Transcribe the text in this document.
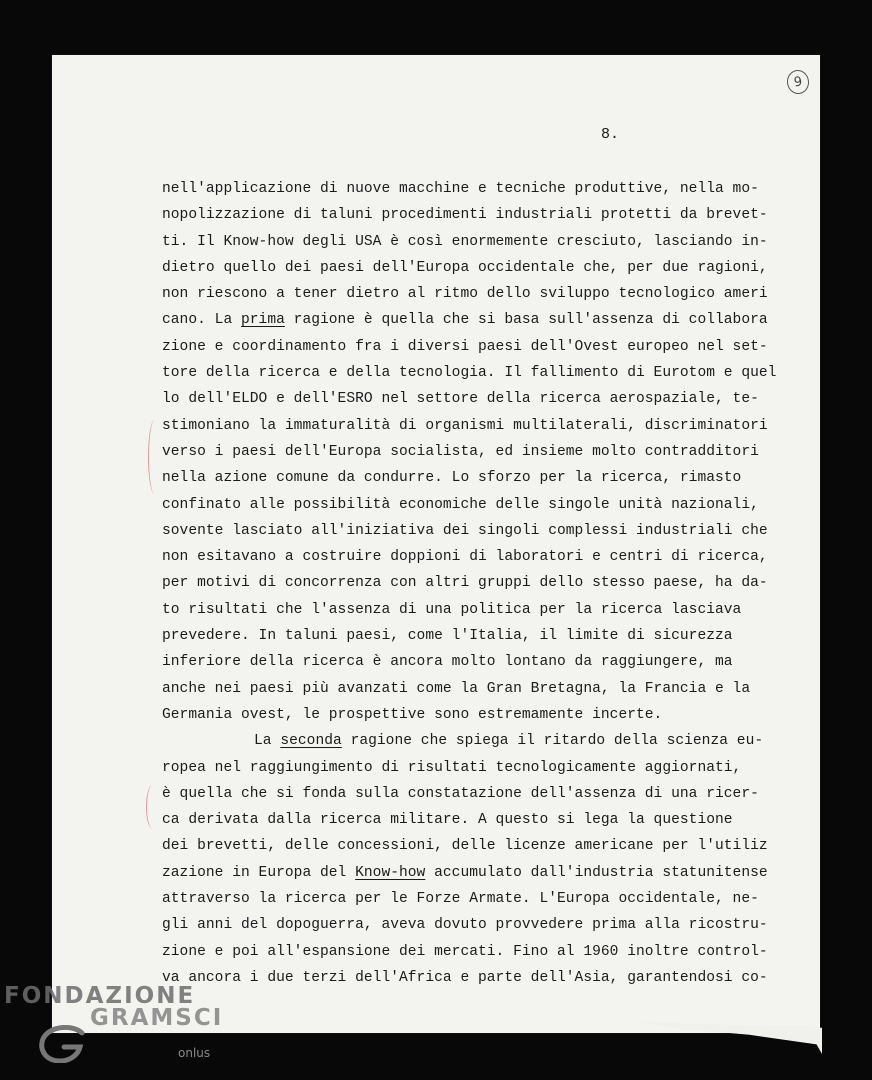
9
8.
nell'applicazione di nuove macchine e tecniche produttive, nella mo-
nopolizzazione di taluni procedimenti industriali protetti da brevet-
ti. Il Know-how degli USA è così enormemente cresciuto, lasciando in-
dietro quello dei paesi dell'Europa occidentale che, per due ragioni,
non riescono a tener dietro al ritmo dello sviluppo tecnologico ameri
cano. La prima ragione è quella che si basa sull'assenza di collabora
zione e coordinamento fra i diversi paesi dell'Ovest europeo nel set-
tore della ricerca e della tecnologia. Il fallimento di Eurotom e quel
lo dell'ELDO e dell'ESRO nel settore della ricerca aerospaziale, te-
stimoniano la immaturalità di organismi multilaterali, discriminatori
verso i paesi dell'Europa socialista, ed insieme molto contradditori
nella azione comune da condurre. Lo sforzo per la ricerca, rimasto
confinato alle possibilità economiche delle singole unità nazionali,
sovente lasciato all'iniziativa dei singoli complessi industriali che
non esitavano a costruire doppioni di laboratori e centri di ricerca,
per motivi di concorrenza con altri gruppi dello stesso paese, ha da-
to risultati che l'assenza di una politica per la ricerca lasciava
prevedere. In taluni paesi, come l'Italia, il limite di sicurezza
inferiore della ricerca è ancora molto lontano da raggiungere, ma
anche nei paesi più avanzati come la Gran Bretagna, la Francia e la
Germania ovest, le prospettive sono estremamente incerte.
La seconda ragione che spiega il ritardo della scienza eu-
ropea nel raggiungimento di risultati tecnologicamente aggiornati,
è quella che si fonda sulla constatazione dell'assenza di una ricer-
ca derivata dalla ricerca militare. A questo si lega la questione
dei brevetti, delle concessioni, delle licenze americane per l'utiliz
zazione in Europa del Know-how accumulato dall'industria statunitense
attraverso la ricerca per le Forze Armate. L'Europa occidentale, ne-
gli anni del dopoguerra, aveva dovuto provvedere prima alla ricostru-
zione e poi all'espansione dei mercati. Fino al 1960 inoltre control-
va ancora i due terzi dell'Africa e parte dell'Asia, garantendosi co-
FONDAZIONE
GRAMSCI
onlus
